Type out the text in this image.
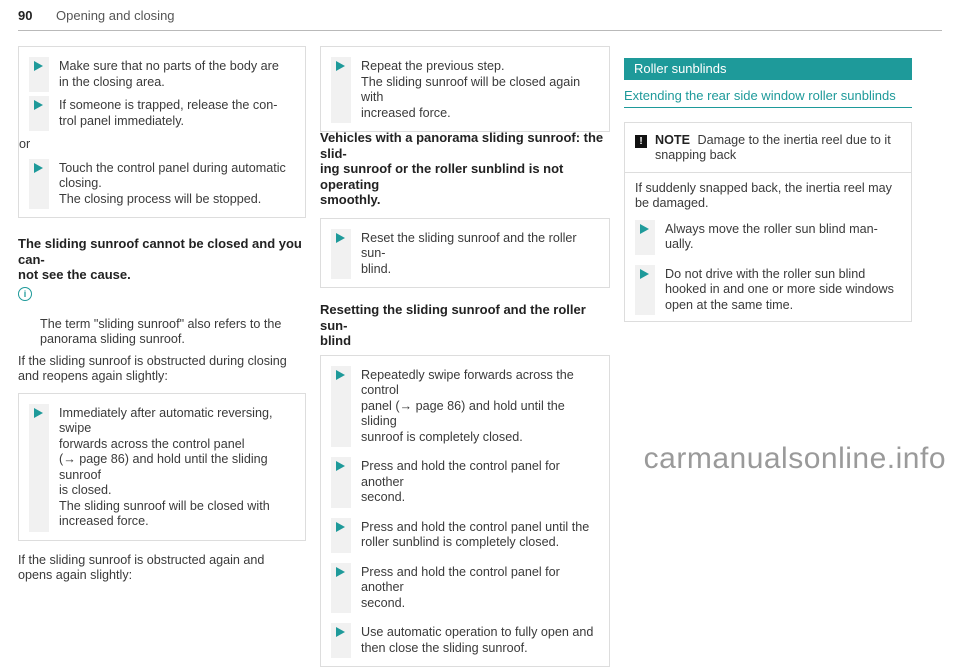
90 Opening and closing
Make sure that no parts of the body are
in the closing area.
If someone is trapped, release the con-
trol panel immediately.
or
Touch the control panel during automatic
closing.
The closing process will be stopped.
The sliding sunroof cannot be closed and you can-
not see the cause.

i

The term "sliding sunroof" also refers to the
panorama sliding sunroof.

If the sliding sunroof is obstructed during closing
and reopens again slightly:
Immediately after automatic reversing, swipe
forwards across the control panel
(→ page 86) and hold until the sliding sunroof
is closed.
The sliding sunroof will be closed with
increased force.
If the sliding sunroof is obstructed again and
opens again slightly:
Repeat the previous step.
The sliding sunroof will be closed again with
increased force.
Vehicles with a panorama sliding sunroof: the slid-
ing sunroof or the roller sunblind is not operating
smoothly.
Reset the sliding sunroof and the roller sun-
blind.
Resetting the sliding sunroof and the roller sun-
blind
Repeatedly swipe forwards across the control
panel (→ page 86) and hold until the sliding
sunroof is completely closed.
Press and hold the control panel for another
second.
Press and hold the control panel until the
roller sunblind is completely closed.
Press and hold the control panel for another
second.
Use automatic operation to fully open and
then close the sliding sunroof.
Roller sunblinds
Extending the rear side window roller sunblinds
! NOTE Damage to the inertia reel due to it
snapping back
If suddenly snapped back, the inertia reel may
be damaged.
Always move the roller sun blind man-
ually.
Do not drive with the roller sun blind
hooked in and one or more side windows
open at the same time.
carmanualsonline.info
